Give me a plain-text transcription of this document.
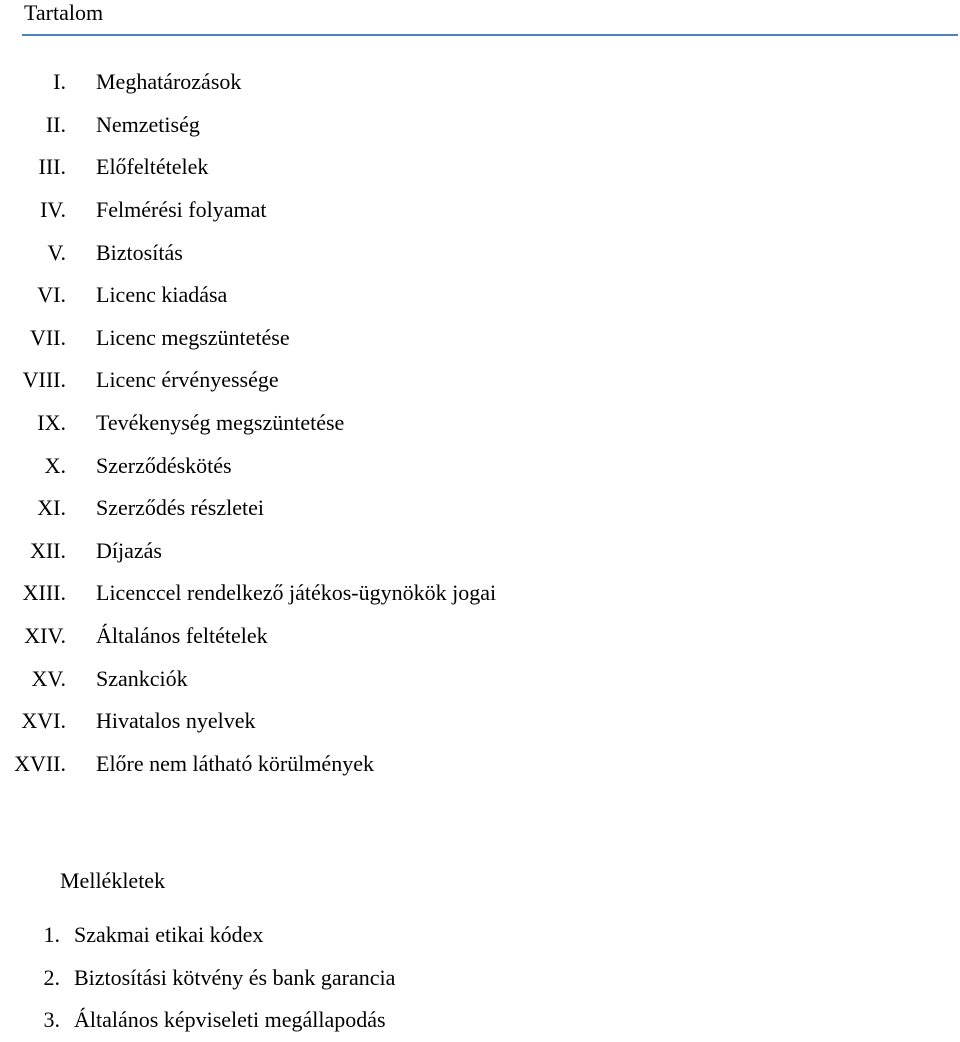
Tartalom
I. Meghatározások
II. Nemzetiség
III. Előfeltételek
IV. Felmérési folyamat
V. Biztosítás
VI. Licenc kiadása
VII. Licenc megszüntetése
VIII. Licenc érvényessége
IX. Tevékenység megszüntetése
X. Szerződéskötés
XI. Szerződés részletei
XII. Díjazás
XIII. Licenccel rendelkező játékos-ügynökök jogai
XIV. Általános feltételek
XV. Szankciók
XVI. Hivatalos nyelvek
XVII. Előre nem látható körülmények
Mellékletek
1. Szakmai etikai kódex
2. Biztosítási kötvény és bank garancia
3. Általános képviseleti megállapodás
